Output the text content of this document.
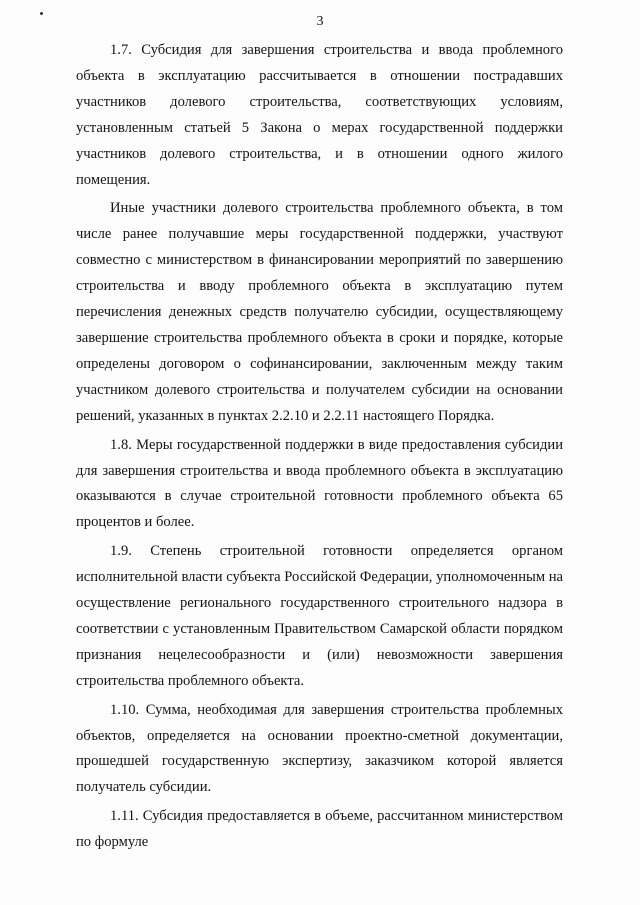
3

1.7. Субсидия для завершения строительства и ввода проблемного объекта в эксплуатацию рассчитывается в отношении пострадавших участников долевого строительства, соответствующих условиям, установленным статьей 5 Закона о мерах государственной поддержки участников долевого строительства, и в отношении одного жилого помещения.

Иные участники долевого строительства проблемного объекта, в том числе ранее получавшие меры государственной поддержки, участвуют совместно с министерством в финансировании мероприятий по завершению строительства и вводу проблемного объекта в эксплуатацию путем перечисления денежных средств получателю субсидии, осуществляющему завершение строительства проблемного объекта в сроки и порядке, которые определены договором о софинансировании, заключенным между таким участником долевого строительства и получателем субсидии на основании решений, указанных в пунктах 2.2.10 и 2.2.11 настоящего Порядка.

1.8. Меры государственной поддержки в виде предоставления субсидии для завершения строительства и ввода проблемного объекта в эксплуатацию оказываются в случае строительной готовности проблемного объекта 65 процентов и более.

1.9. Степень строительной готовности определяется органом исполнительной власти субъекта Российской Федерации, уполномоченным на осуществление регионального государственного строительного надзора в соответствии с установленным Правительством Самарской области порядком признания нецелесообразности и (или) невозможности завершения строительства проблемного объекта.

1.10. Сумма, необходимая для завершения строительства проблемных объектов, определяется на основании проектно-сметной документации, прошедшей государственную экспертизу, заказчиком которой является получатель субсидии.

1.11. Субсидия предоставляется в объеме, рассчитанном министерством по формуле
